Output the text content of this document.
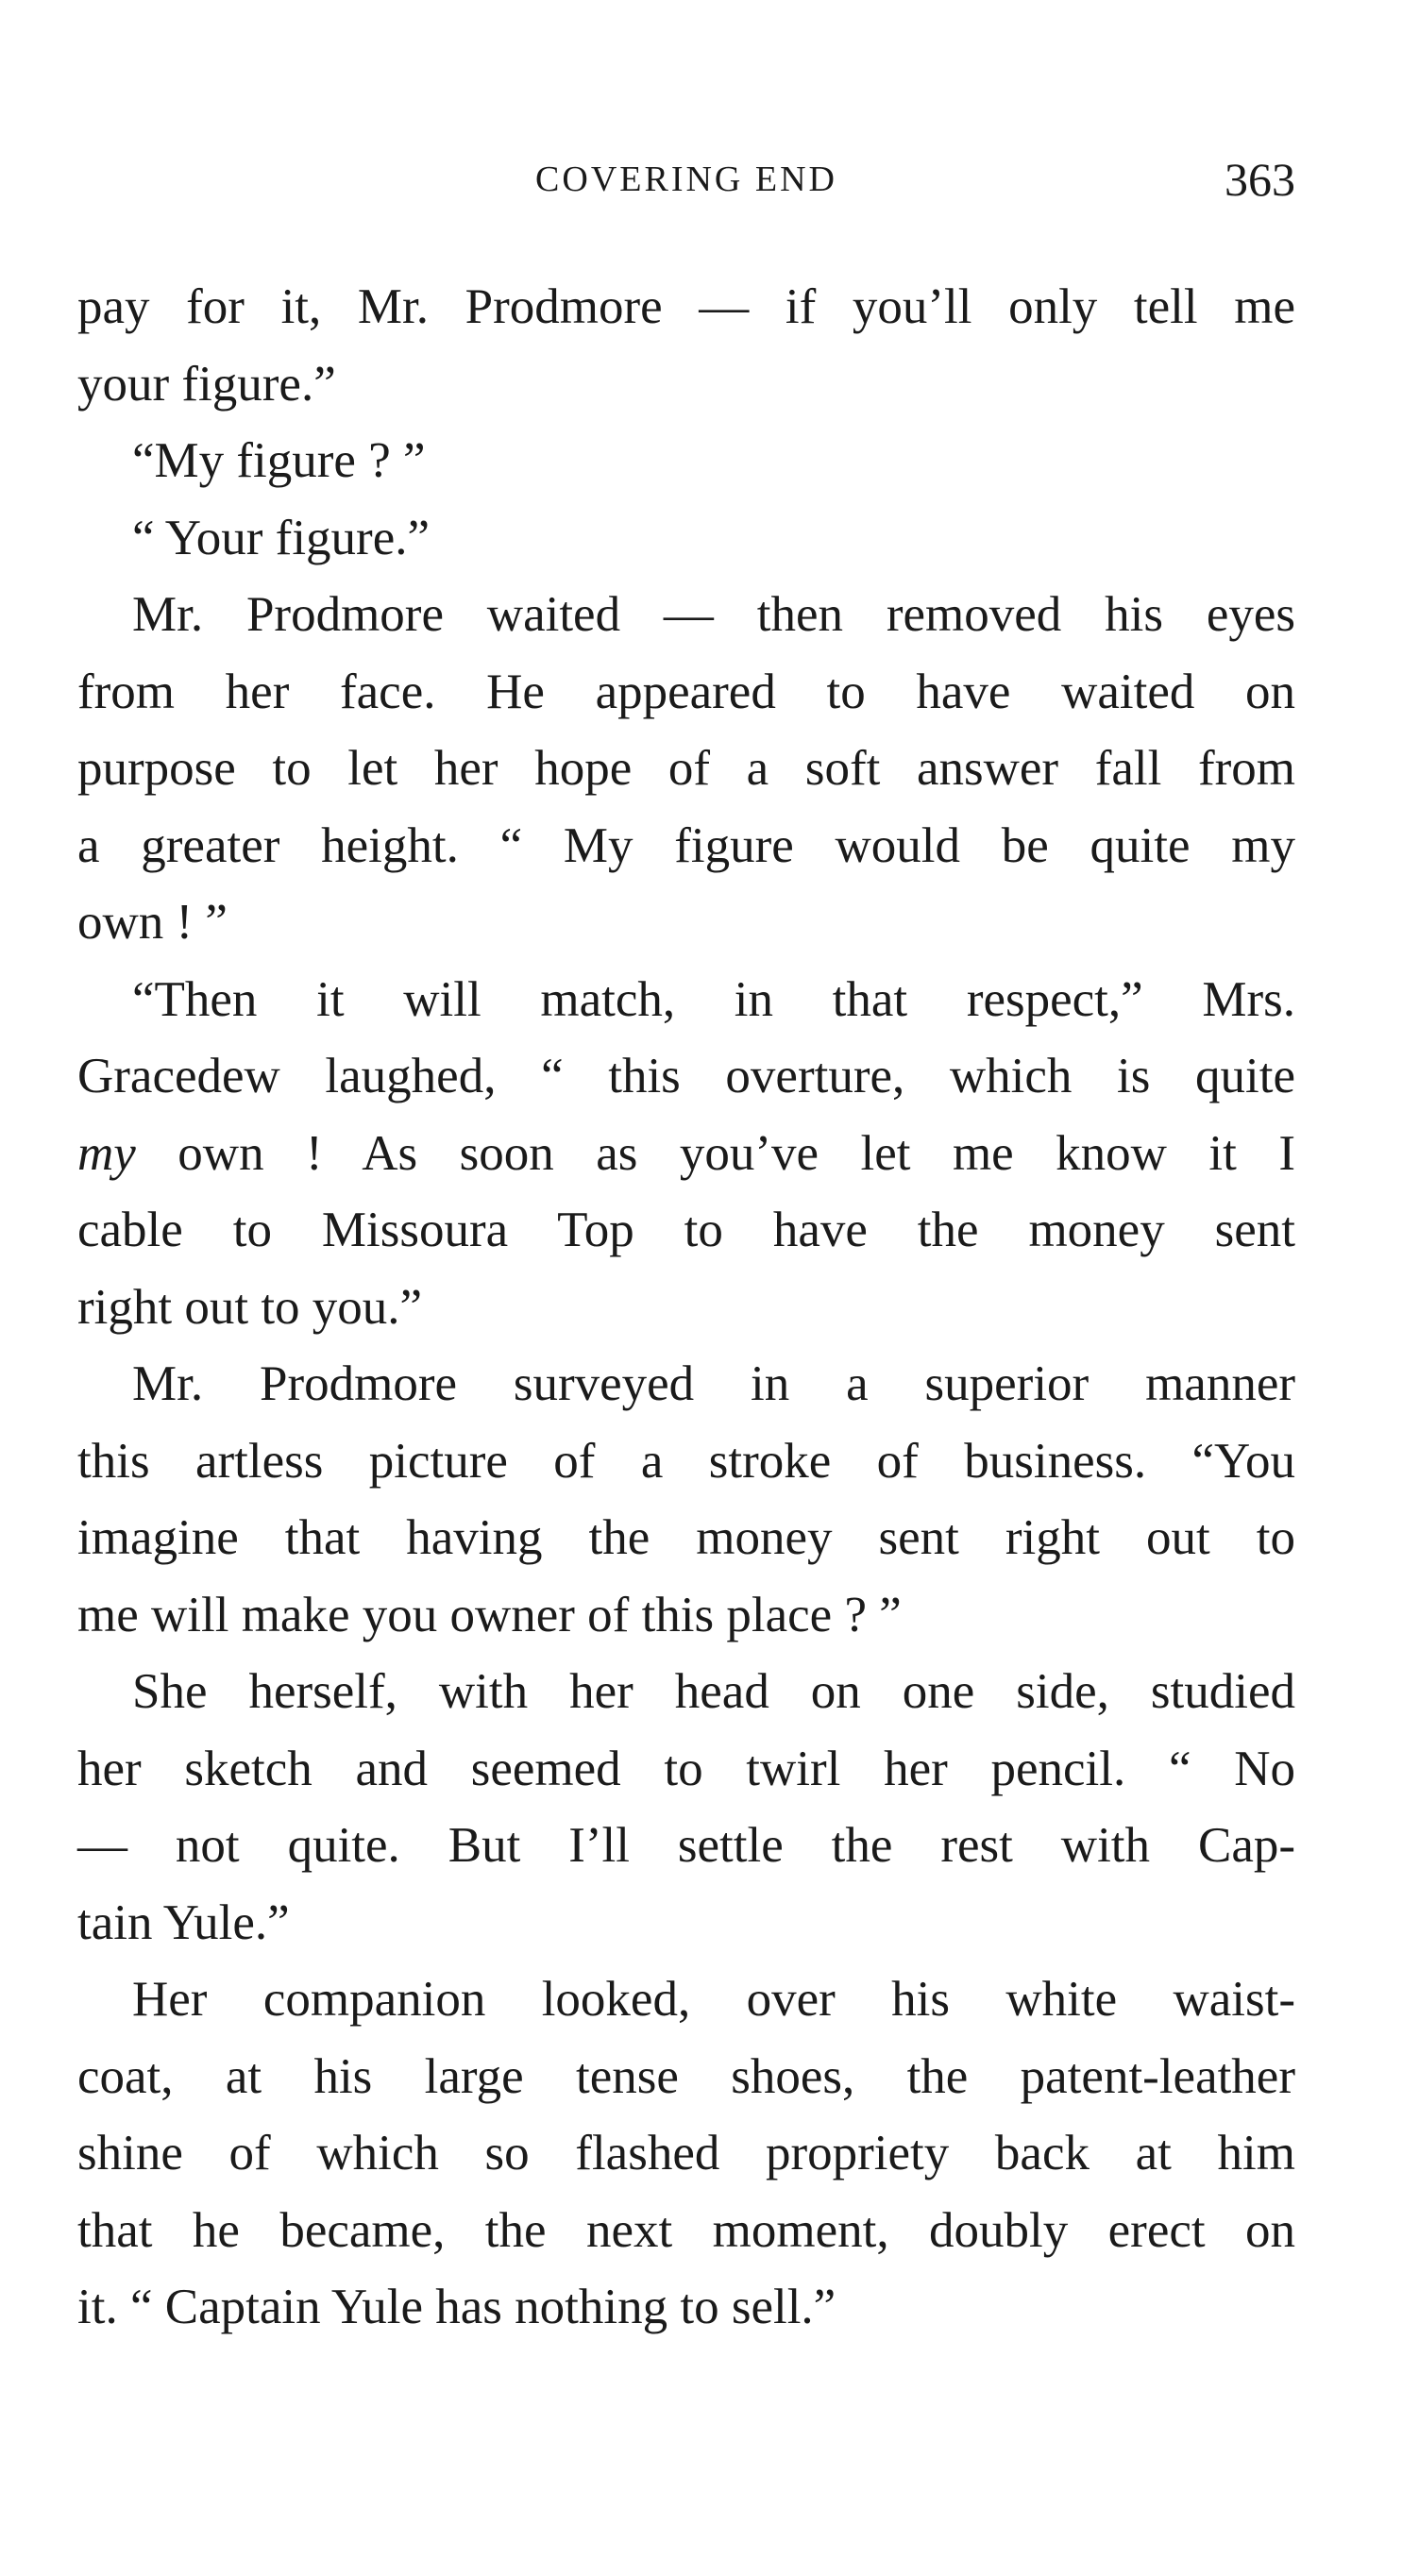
COVERING END	363
pay for it, Mr. Prodmore — if you’ll only tell me
your figure.”
“My figure ? ”
“ Your figure.”
Mr. Prodmore waited — then removed his eyes
from her face. He appeared to have waited on
purpose to let her hope of a soft answer fall from
a greater height. “ My figure would be quite my
own ! ”
“Then it will match, in that respect,” Mrs.
Gracedew laughed, “ this overture, which is quite
my own ! As soon as you’ve let me know it I
cable to Missoura Top to have the money sent
right out to you.”
Mr. Prodmore surveyed in a superior manner
this artless picture of a stroke of business. “You
imagine that having the money sent right out to
me will make you owner of this place ? ”
She herself, with her head on one side, studied
her sketch and seemed to twirl her pencil. “ No
— not quite. But I’ll settle the rest with Cap-
tain Yule.”
Her companion looked, over his white waist-
coat, at his large tense shoes, the patent-leather
shine of which so flashed propriety back at him
that he became, the next moment, doubly erect on
it. “ Captain Yule has nothing to sell.”
